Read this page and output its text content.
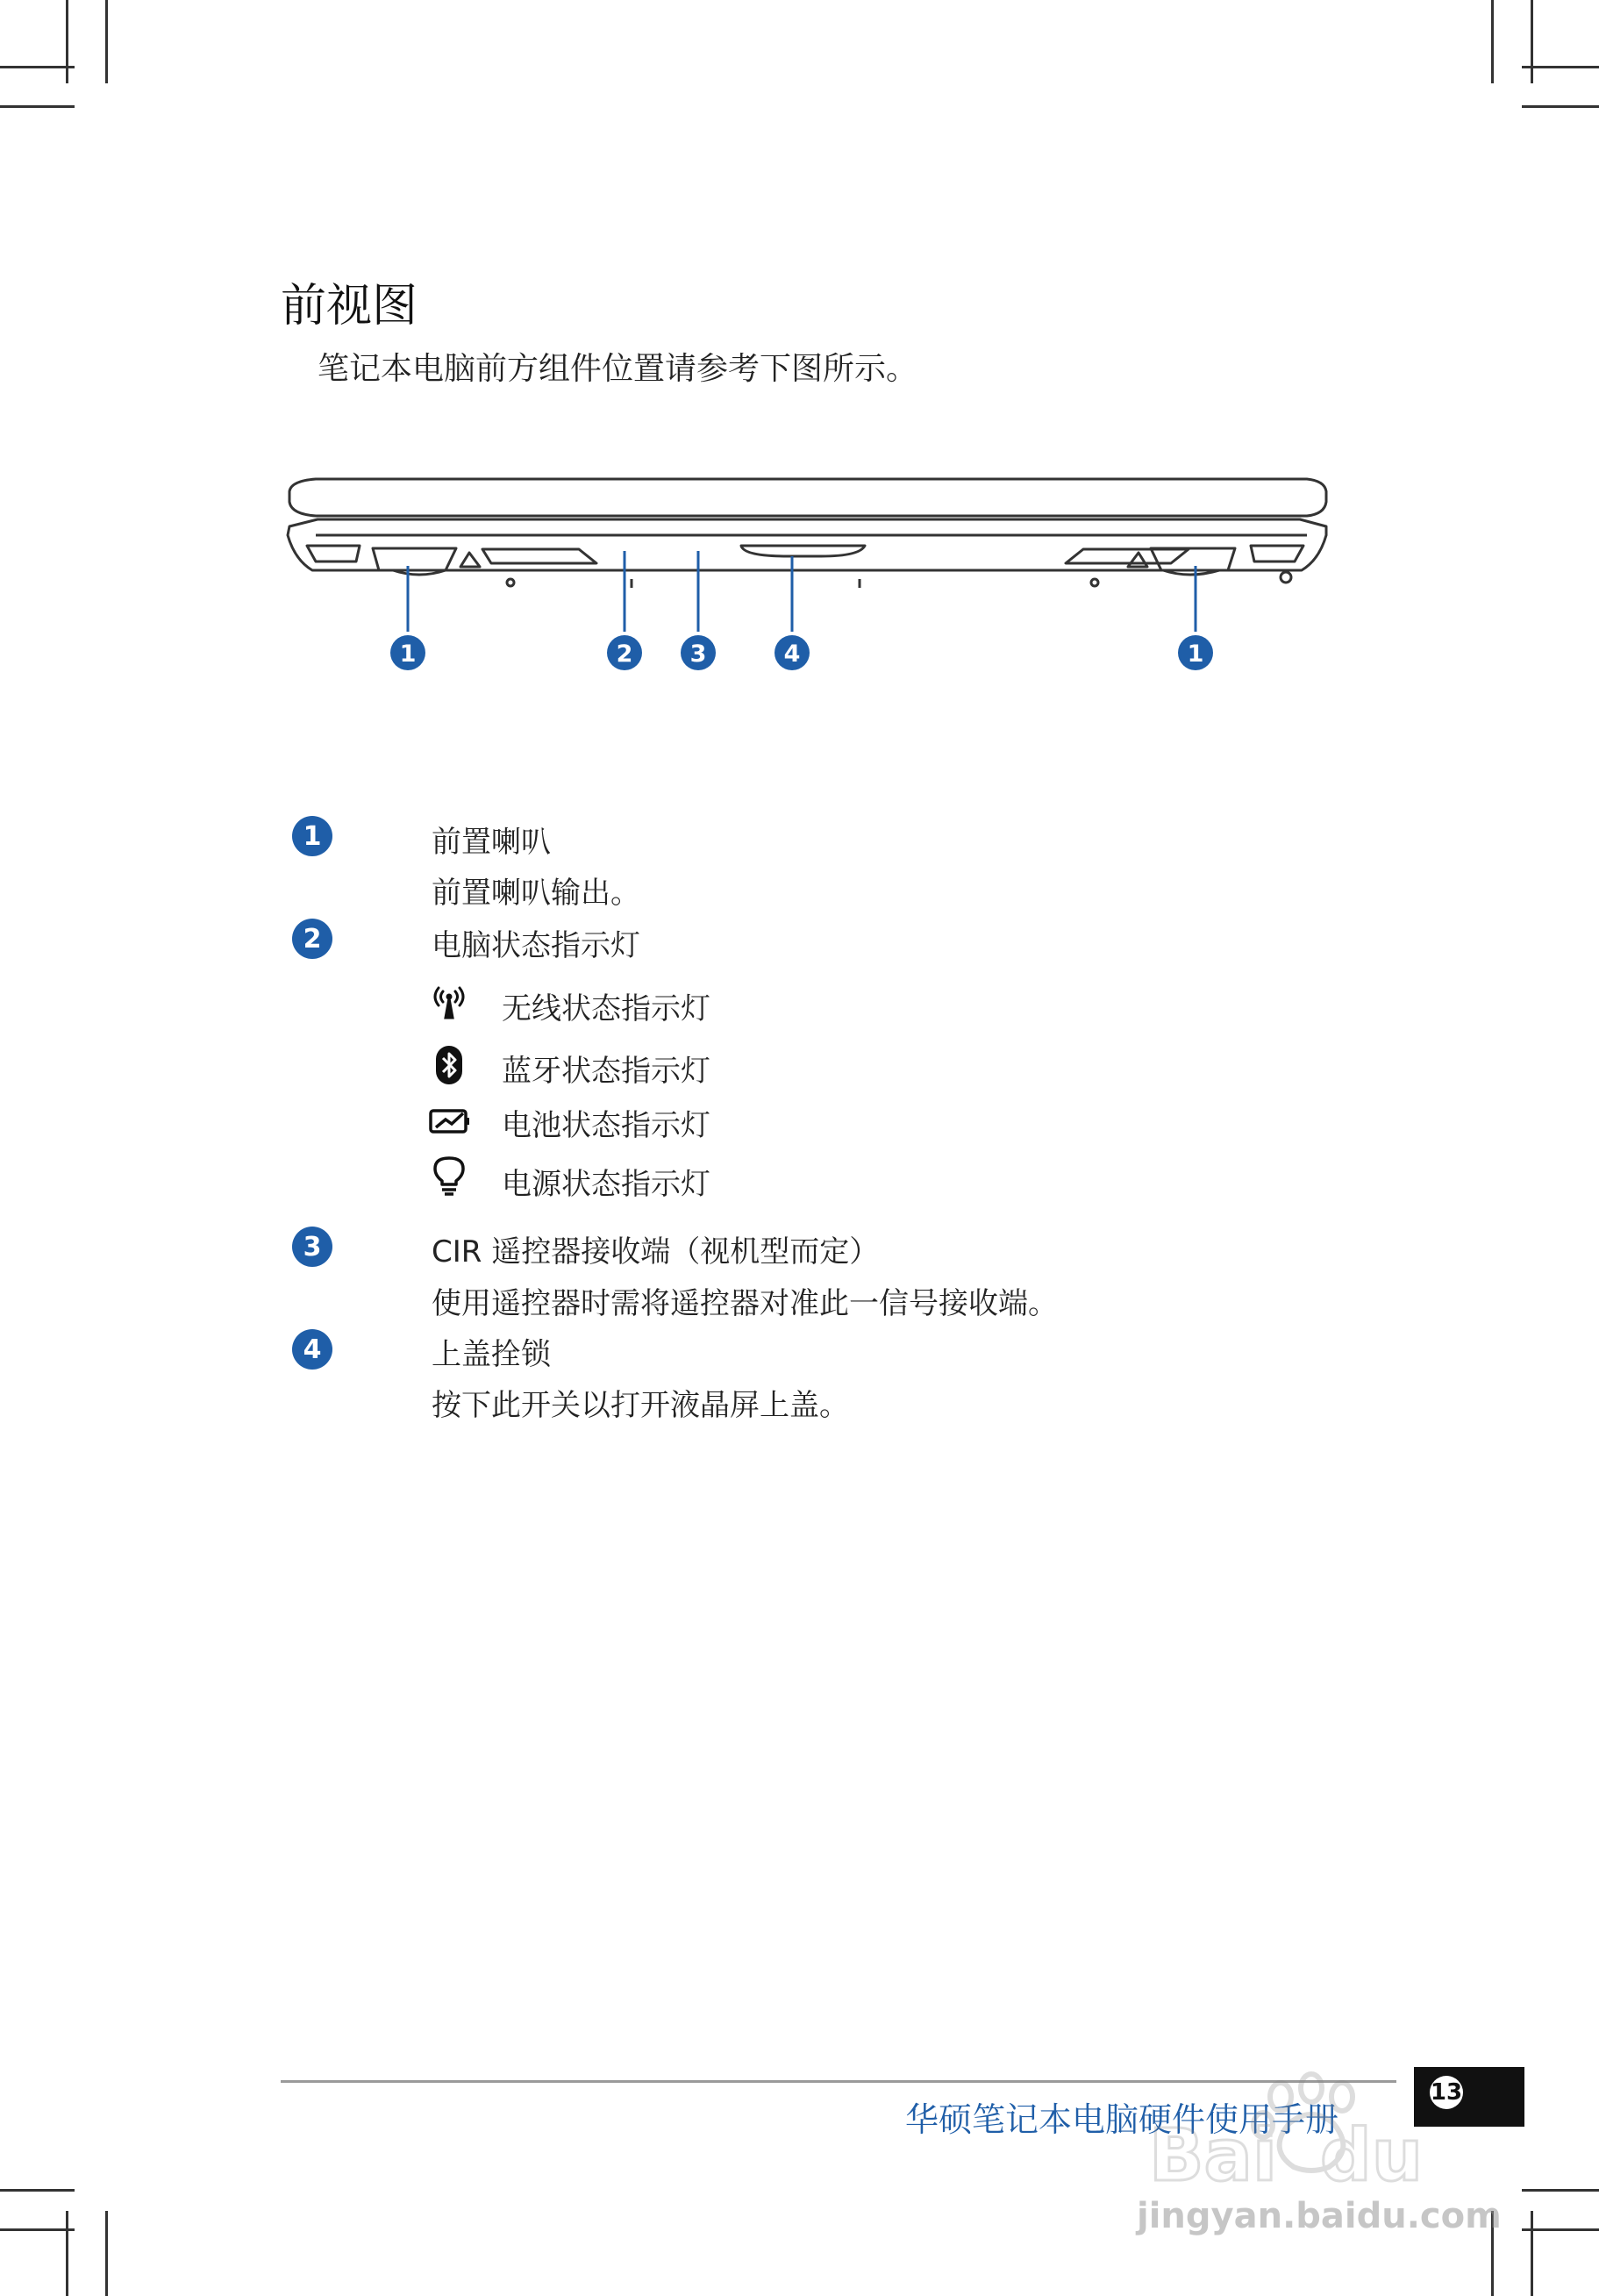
前视图
笔记本电脑前方组件位置请参考下图所示。
1	2 3	4	1
1	前置喇叭
前置喇叭输出。
2	电脑状态指示灯
无线状态指示灯
蓝牙状态指示灯
电池状态指示灯
电源状态指示灯
3	CIR 遥控器接收端（视机型而定）
使用遥控器时需将遥控器对准此一信号接收端。
4	上盖拴锁
按下此开关以打开液晶屏上盖。
华硕笔记本电脑硬件使用手册
13
Bai du
jingyan.baidu.com
